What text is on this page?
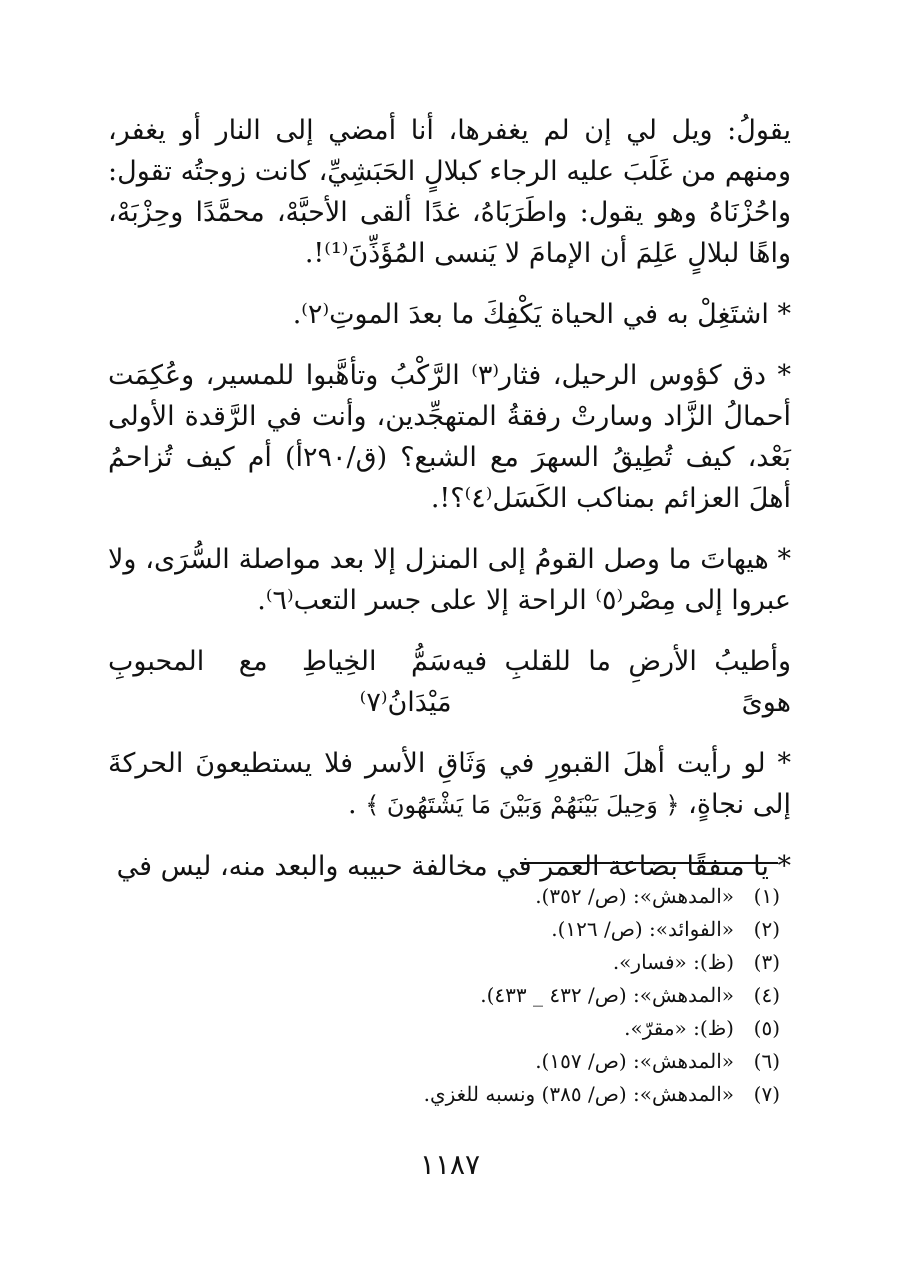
يقولُ: ويل لي إن لم يغفرها، أنا أمضي إلى النار أو يغفر، ومنهم من غَلَبَ عليه الرجاء كبلالٍ الحَبَشِيِّ، كانت زوجتُه تقول: واحُزْنَاهُ وهو يقول: واطَرَبَاهُ، غدًا ألقى الأحبَّهْ، محمَّدًا وحِزْبَهْ، واهًا لبلالٍ عَلِمَ أن الإمامَ لا يَنسى المُؤَذِّنَ⁽¹⁾!.

* اشتَغِلْ به في الحياة يَكْفِكَ ما بعدَ الموتِ⁽٢⁾.

* دق كؤوس الرحيل، فثار⁽٣⁾ الرَّكْبُ وتأهَّبوا للمسير، وعُكِمَت أحمالُ الزَّاد وسارتْ رفقةُ المتهجِّدين، وأنت في الرَّقدة الأولى بَعْد، كيف تُطِيقُ السهرَ مع الشبع؟ (ق/٢٩٠أ) أم كيف تُزاحمُ أهلَ العزائم بمناكب الكَسَل⁽٤⁾؟!.

* هيهاتَ ما وصل القومُ إلى المنزل إلا بعد مواصلة السُّرَى، ولا عبروا إلى مِصْر⁽٥⁾ الراحة إلا على جسر التعب⁽٦⁾.

وأطيبُ الأرضِ ما للقلبِ فيه هوىً
سَمُّ الخِياطِ مع المحبوبِ مَيْدَانُ⁽٧⁾

* لو رأيت أهلَ القبورِ في وَثَاقِ الأسر فلا يستطيعونَ الحركةَ إلى نجاةٍ، ﴿ وَحِيلَ بَيْنَهُمْ وَبَيْنَ مَا يَشْتَهُونَ ﴾ .

* يا منفقًا بضاعة العمر في مخالفة حبيبه والبعد منه، ليس في

(١)
«المدهش»: (ص/ ٣٥٢).
(٢)
«الفوائد»: (ص/ ١٢٦).
(٣)
(ظ): «فسار».
(٤)
«المدهش»: (ص/ ٤٣٢ _ ٤٣٣).
(٥)
(ظ): «مقرّ».
(٦)
«المدهش»: (ص/ ١٥٧).
(٧)
«المدهش»: (ص/ ٣٨٥) ونسبه للغزي.
١١٨٧
